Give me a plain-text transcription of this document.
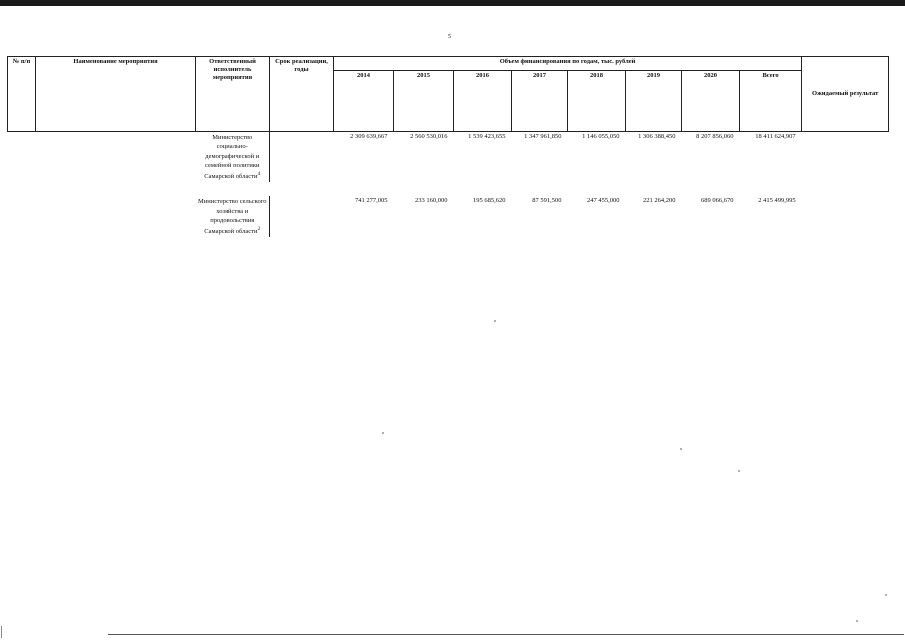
5
№ п/п	Наименование мероприятия	Ответственный исполнитель мероприятия	Срок реализации, годы	Объем финансирования по годам, тыс. рублей								Ожидаемый результат
				2014	2015	2016	2017	2018	2019	2020	Всего	
		Министерство социально-демографической и семейной политики Самарской области$^4$		2 309 639,667	2 560 530,016	1 539 423,655	1 347 961,850	1 146 055,050	1 306 388,450	8 207 856,060	18 411 624,907	

		Министерство сельского хозяйства и продовольствия Самарской области$^2$		741 277,005	233 160,000	195 685,620	87 591,500	247 455,000	221 264,200	689 066,670	2 415 499,995	
